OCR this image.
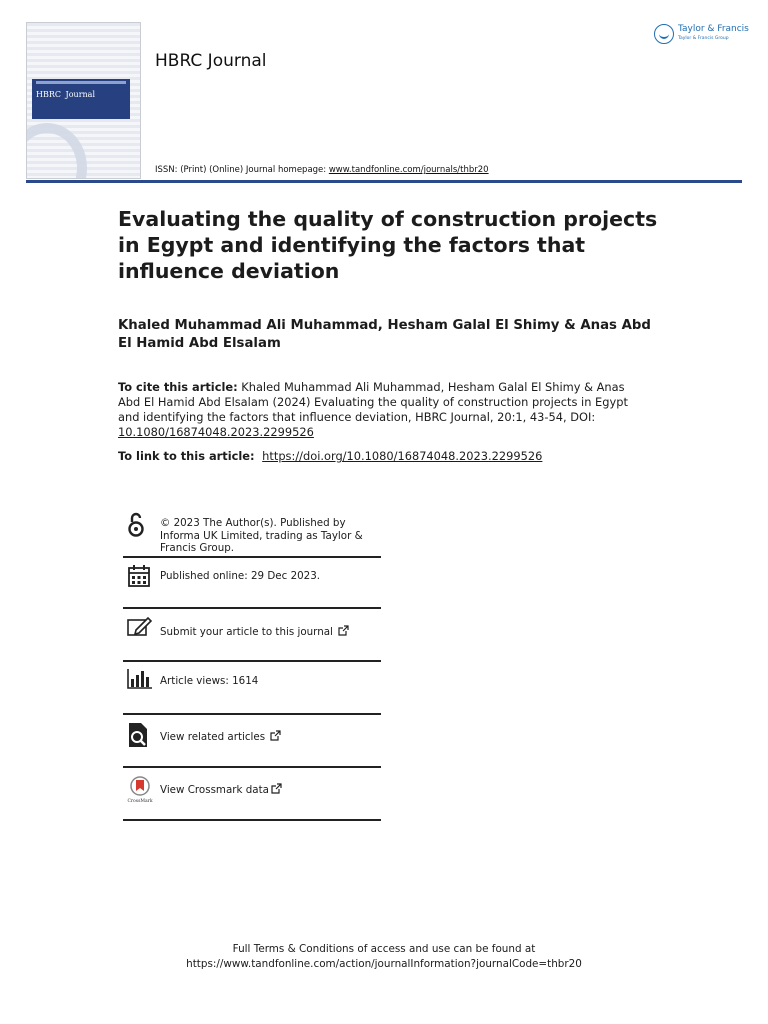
HBRC Journal
HBRC Journal
ISSN: (Print) (Online) Journal homepage: www.tandfonline.com/journals/thbr20
Taylor & Francis
Taylor & Francis Group
Evaluating the quality of construction projects in Egypt and identifying the factors that influence deviation
Khaled Muhammad Ali Muhammad, Hesham Galal El Shimy & Anas Abd El Hamid Abd Elsalam
To cite this article: Khaled Muhammad Ali Muhammad, Hesham Galal El Shimy & Anas Abd El Hamid Abd Elsalam (2024) Evaluating the quality of construction projects in Egypt and identifying the factors that influence deviation, HBRC Journal, 20:1, 43-54, DOI: 10.1080/16874048.2023.2299526
To link to this article: https://doi.org/10.1080/16874048.2023.2299526
© 2023 The Author(s). Published by Informa UK Limited, trading as Taylor & Francis Group.
Published online: 29 Dec 2023.
Submit your article to this journal
Article views: 1614
View related articles
CrossMark
View Crossmark data
Full Terms & Conditions of access and use can be found at
https://www.tandfonline.com/action/journalInformation?journalCode=thbr20
